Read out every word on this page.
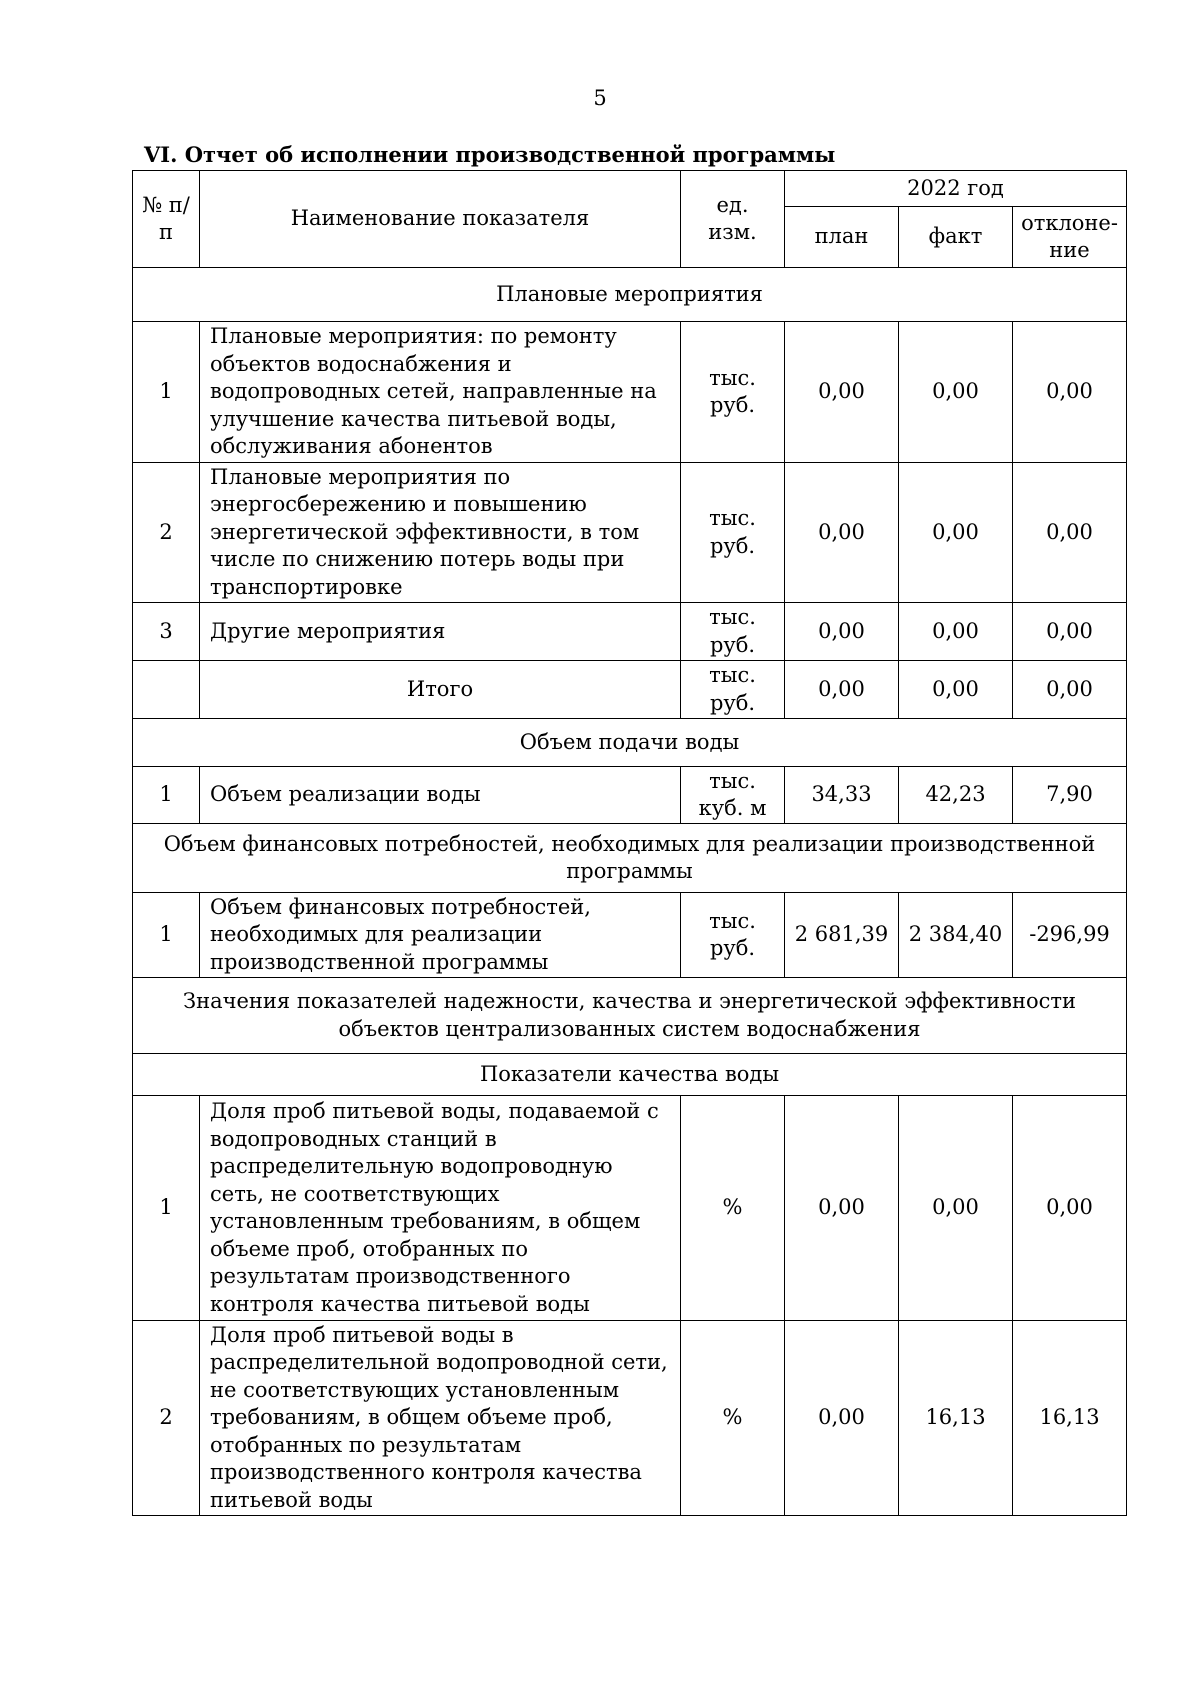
5
VI. Отчет об исполнении производственной программы
№ п/п	Наименование показателя	ед. изм.	2022 год		
			план	факт	отклоне-ние
Плановые мероприятия					
1	Плановые мероприятия: по ремонту объектов водоснабжения и водопроводных сетей, направленные на улучшение качества питьевой воды, обслуживания абонентов	тыс. руб.	0,00	0,00	0,00
2	Плановые мероприятия по энергосбережению и повышению энергетической эффективности, в том числе по снижению потерь воды при транспортировке	тыс. руб.	0,00	0,00	0,00
3	Другие мероприятия	тыс. руб.	0,00	0,00	0,00
	Итого	тыс. руб.	0,00	0,00	0,00
Объем подачи воды					
1	Объем реализации воды	тыс. куб. м	34,33	42,23	7,90
Объем финансовых потребностей, необходимых для реализации производственной программы					
1	Объем финансовых потребностей, необходимых для реализации производственной программы	тыс. руб.	2 681,39	2 384,40	-296,99
Значения показателей надежности, качества и энергетической эффективности объектов централизованных систем водоснабжения					
Показатели качества воды					
1	Доля проб питьевой воды, подаваемой с водопроводных станций в распределительную водопроводную сеть, не соответствующих установленным требованиям, в общем объеме проб, отобранных по результатам производственного контроля качества питьевой воды	%	0,00	0,00	0,00
2	Доля проб питьевой воды в распределительной водопроводной сети, не соответствующих установленным требованиям, в общем объеме проб, отобранных по результатам производственного контроля качества питьевой воды	%	0,00	16,13	16,13
